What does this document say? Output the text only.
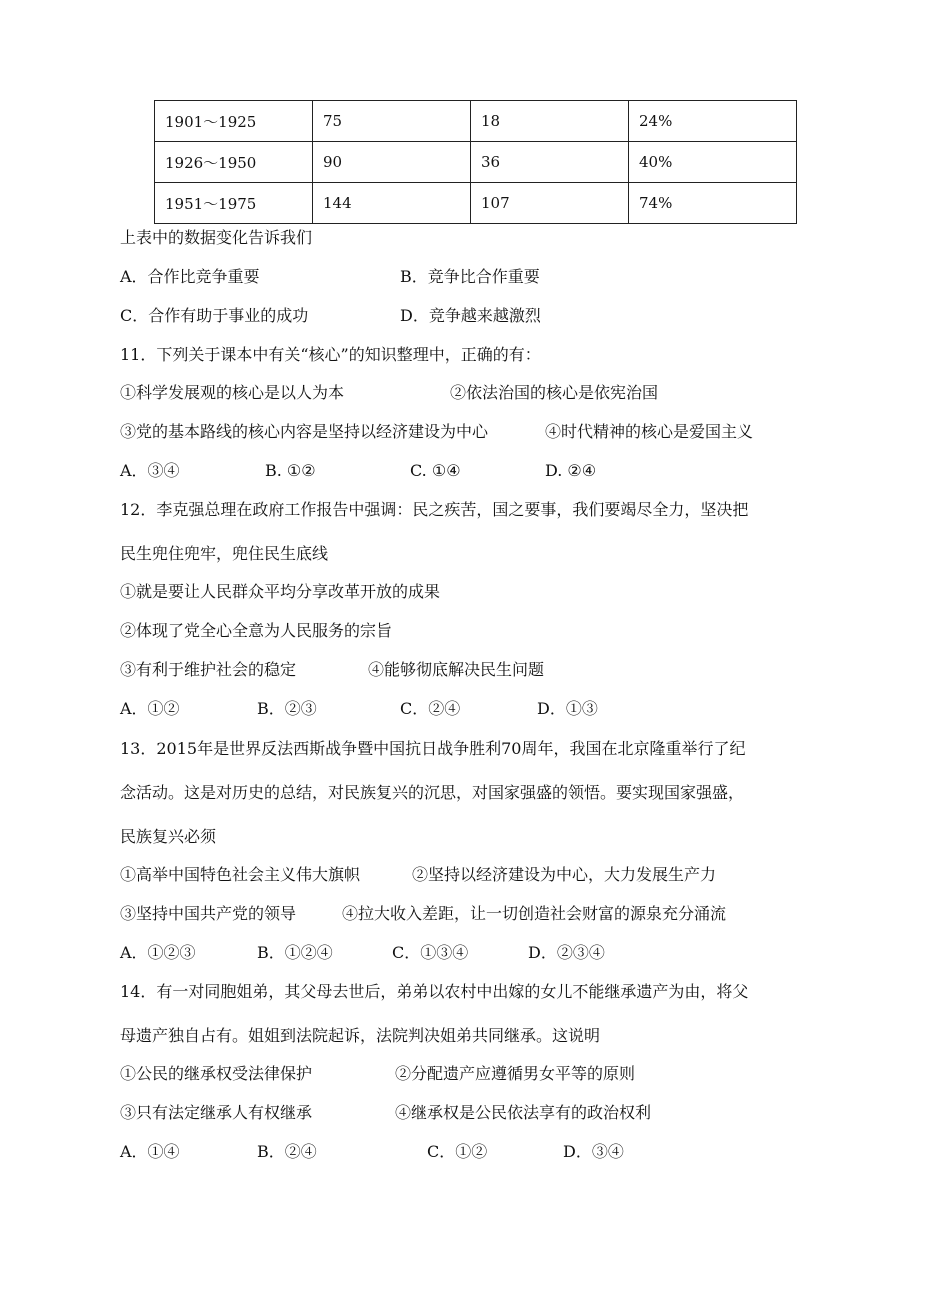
1901～1925	75	18	24%
1926～1950	90	36	40%
1951～1975	144	107	74%
上表中的数据变化告诉我们
A．合作比竞争重要	B．竞争比合作重要
C．合作有助于事业的成功	D．竞争越来越激烈
11．下列关于课本中有关“核心”的知识整理中，正确的有：
①科学发展观的核心是以人为本	②依法治国的核心是依宪治国
③党的基本路线的核心内容是坚持以经济建设为中心	④时代精神的核心是爱国主义
A．③④	B. ①②	C. ①④	D. ②④
12．李克强总理在政府工作报告中强调：民之疾苦，国之要事，我们要竭尽全力，坚决把
民生兜住兜牢，兜住民生底线
①就是要让人民群众平均分享改革开放的成果
②体现了党全心全意为人民服务的宗旨
③有利于维护社会的稳定	④能够彻底解决民生问题
A．①②	B．②③	C．②④	D．①③
13．2015年是世界反法西斯战争暨中国抗日战争胜利70周年，我国在北京隆重举行了纪
念活动。这是对历史的总结，对民族复兴的沉思，对国家强盛的领悟。要实现国家强盛，
民族复兴必须
①高举中国特色社会主义伟大旗帜	②坚持以经济建设为中心，大力发展生产力
③坚持中国共产党的领导	④拉大收入差距，让一切创造社会财富的源泉充分涌流
A．①②③	B．①②④	C．①③④	D．②③④
14．有一对同胞姐弟，其父母去世后，弟弟以农村中出嫁的女儿不能继承遗产为由，将父
母遗产独自占有。姐姐到法院起诉，法院判决姐弟共同继承。这说明
①公民的继承权受法律保护	②分配遗产应遵循男女平等的原则
③只有法定继承人有权继承	④继承权是公民依法享有的政治权利
A．①④	B．②④	C．①②	D．③④
